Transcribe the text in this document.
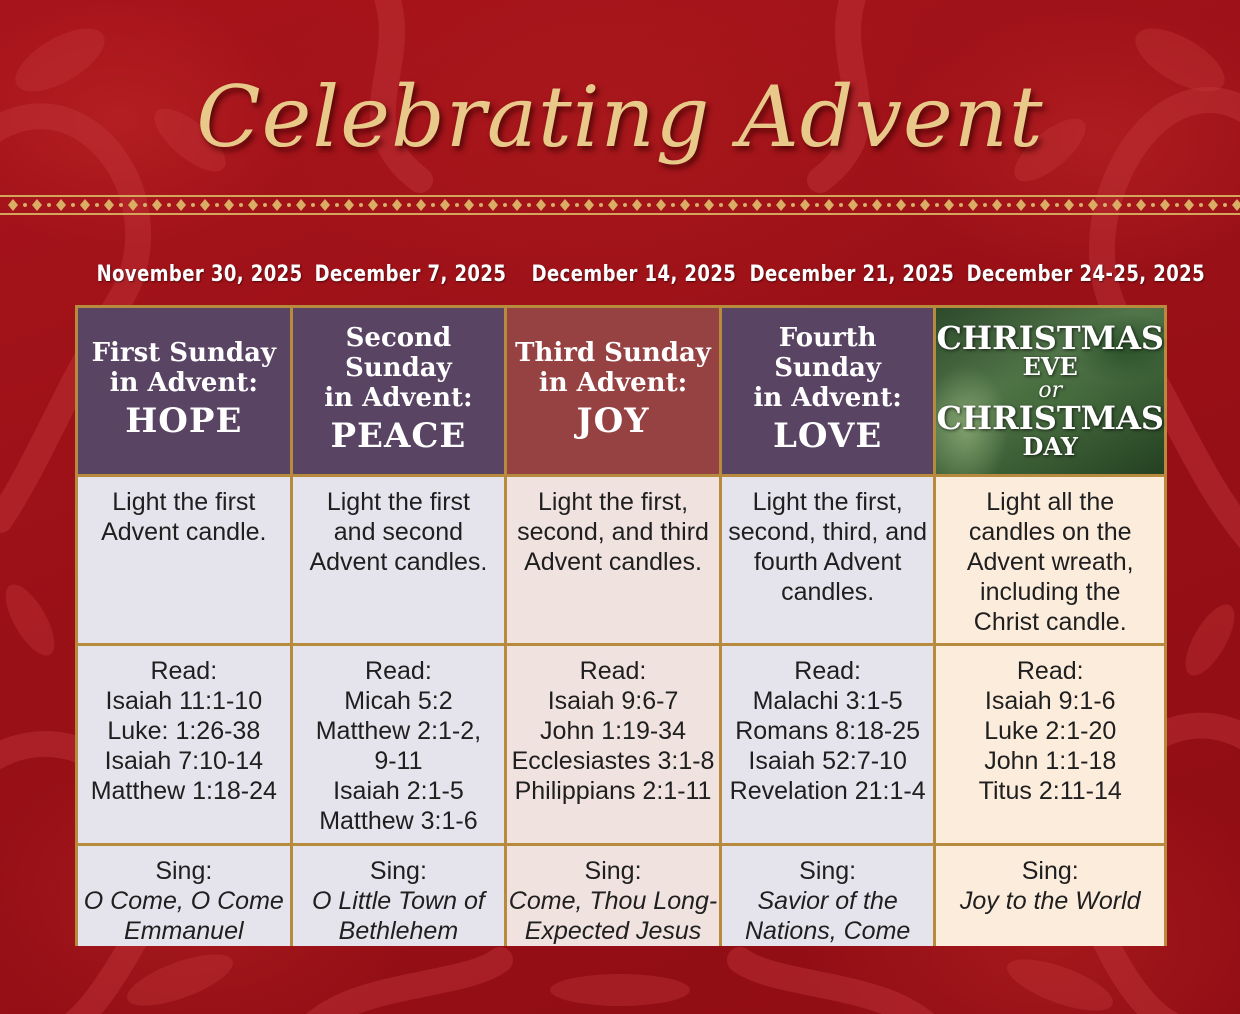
Celebrating Advent
November 30, 2025 December 7, 2025 December 14, 2025 December 21, 2025 December 24-25, 2025
First Sunday
in Advent:
HOPE
Second Sunday
in Advent:
PEACE
Third Sunday
in Advent:
JOY
Fourth Sunday
in Advent:
LOVE
CHRISTMAS
EVE
or
CHRISTMAS
DAY
Light the first
Advent candle.
Light the first
and second
Advent candles.
Light the first,
second, and third
Advent candles.
Light the first,
second, third, and
fourth Advent
candles.
Light all the
candles on the
Advent wreath,
including the
Christ candle.
Read:
Isaiah 11:1-10
Luke: 1:26-38
Isaiah 7:10-14
Matthew 1:18-24
Read:
Micah 5:2
Matthew 2:1-2,
9-11
Isaiah 2:1-5
Matthew 3:1-6
Read:
Isaiah 9:6-7
John 1:19-34
Ecclesiastes 3:1-8
Philippians 2:1-11
Read:
Malachi 3:1-5
Romans 8:18-25
Isaiah 52:7-10
Revelation 21:1-4
Read:
Isaiah 9:1-6
Luke 2:1-20
John 1:1-18
Titus 2:11-14
Sing:
O Come, O Come
Emmanuel
Sing:
O Little Town of
Bethlehem
Sing:
Come, Thou Long-
Expected Jesus
Sing:
Savior of the
Nations, Come
Sing:
Joy to the World
